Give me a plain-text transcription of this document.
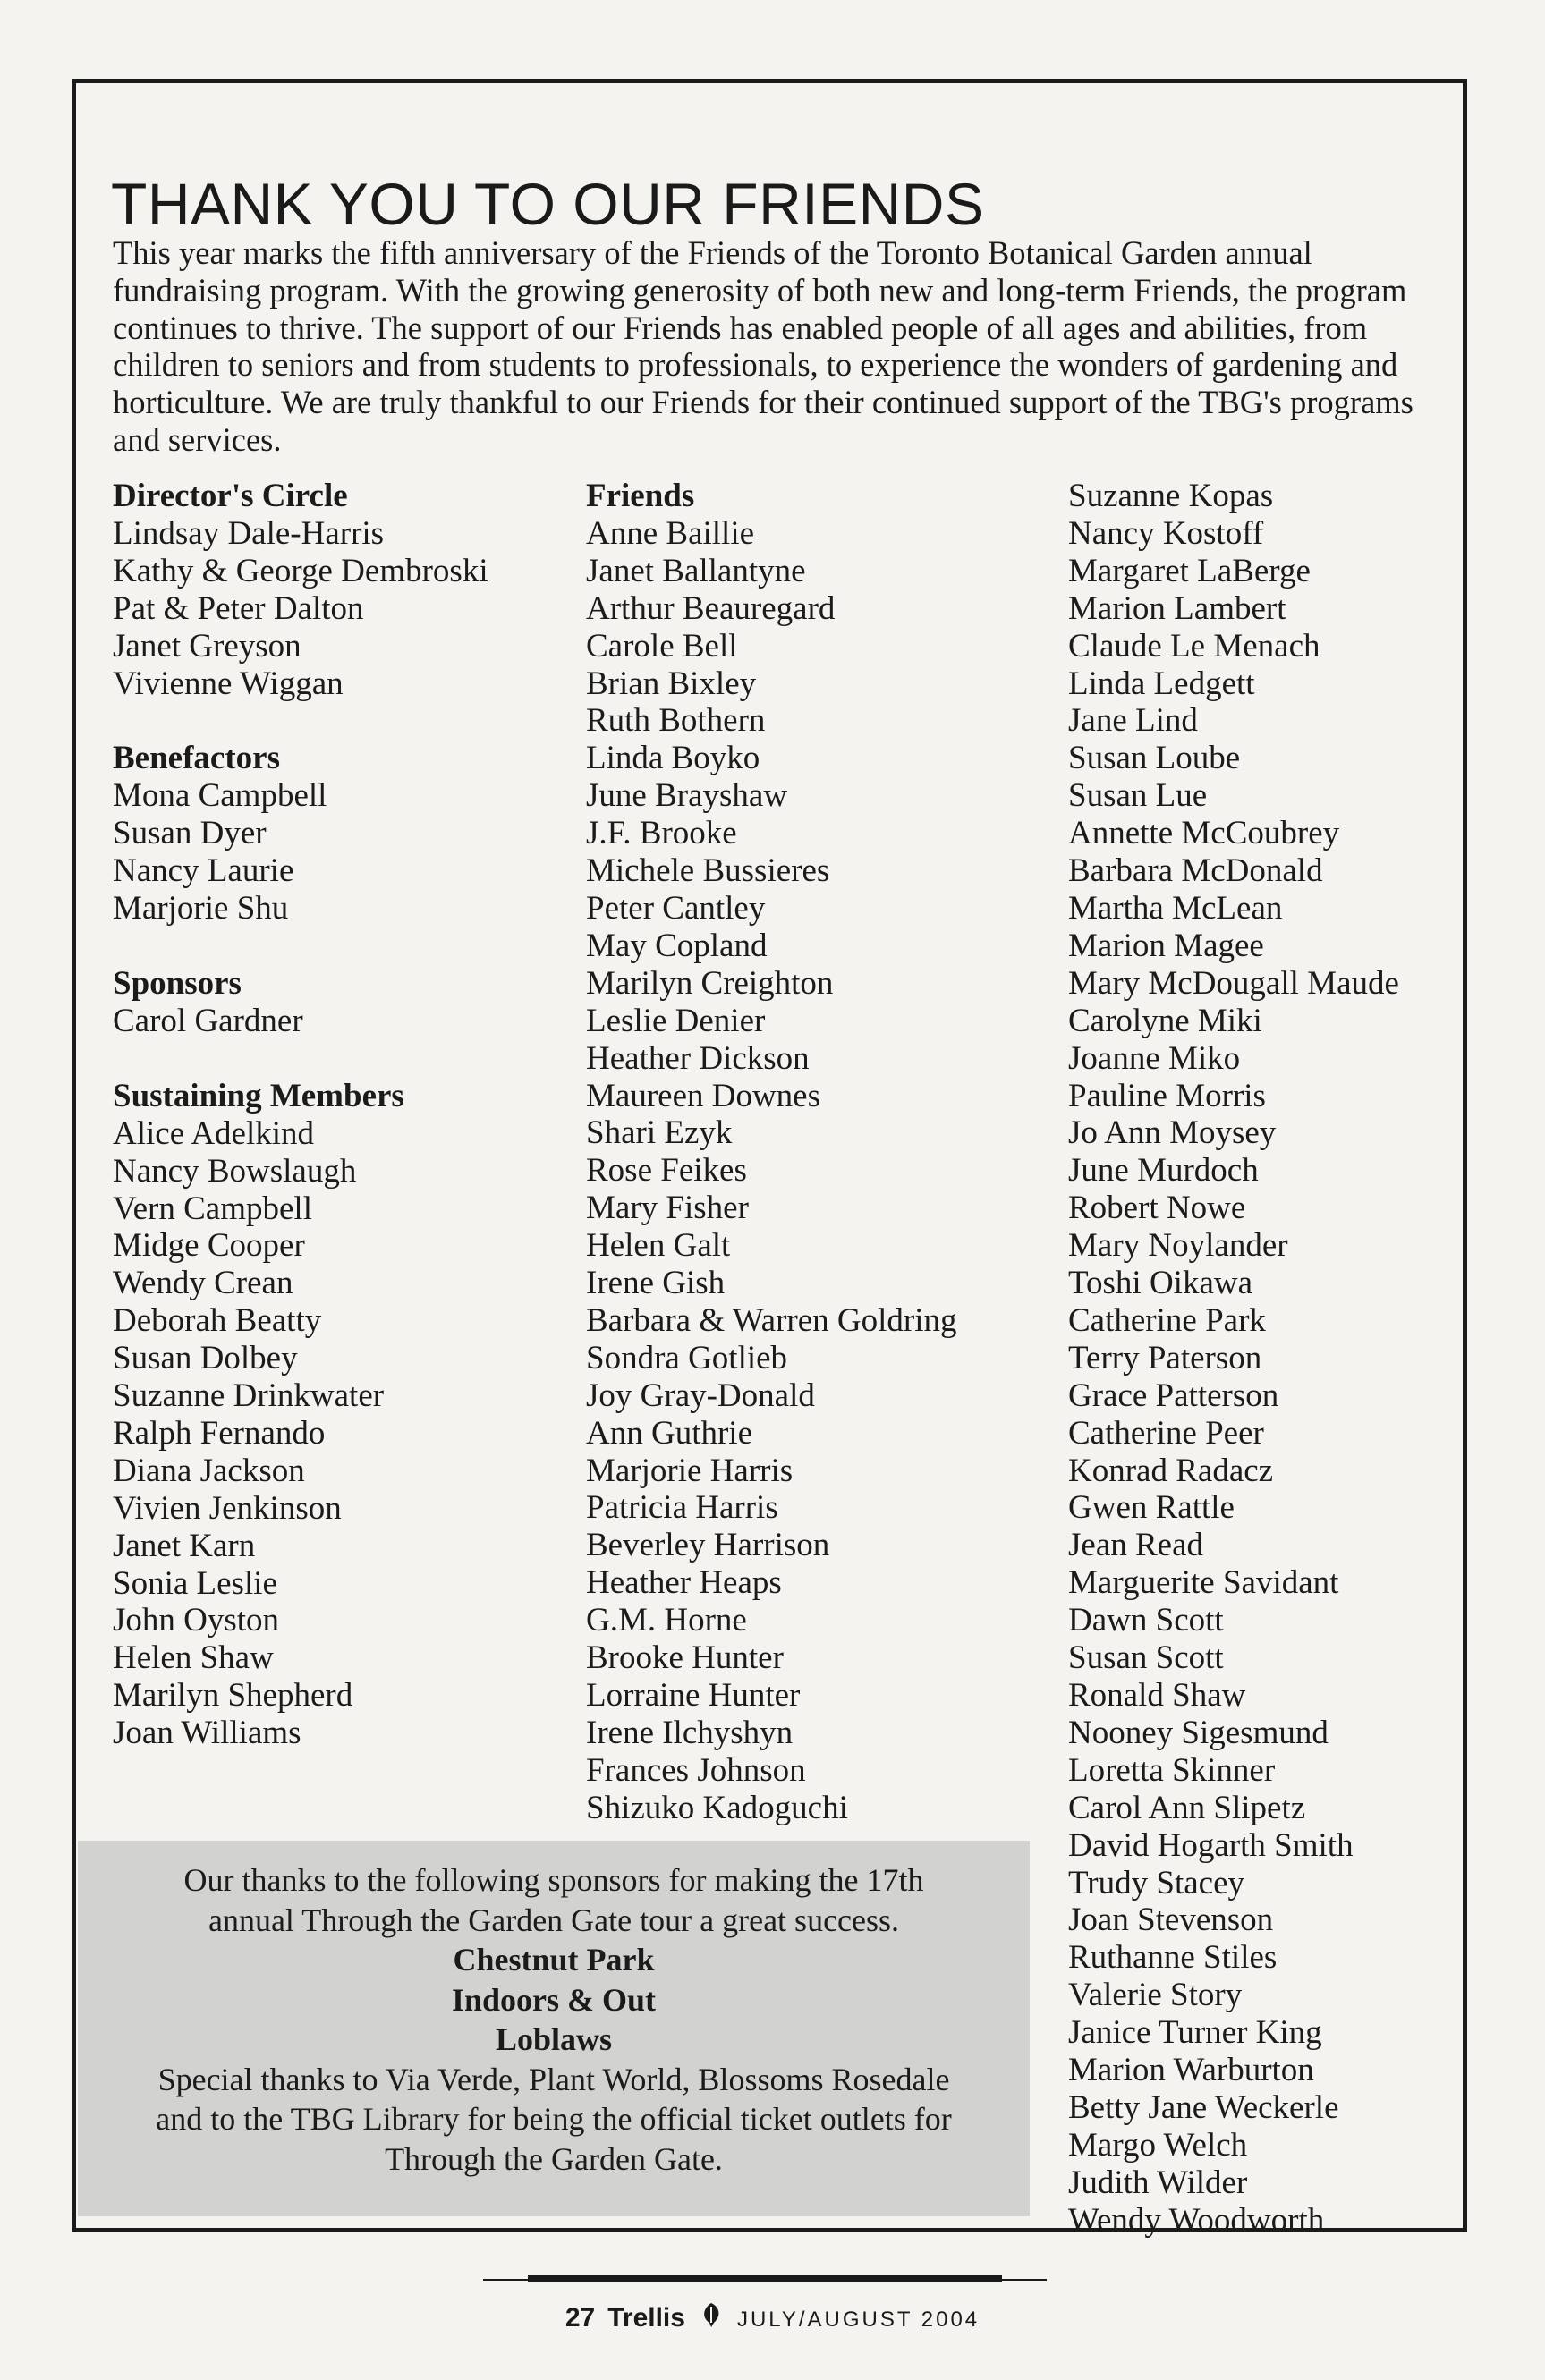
THANK YOU TO OUR FRIENDS

This year marks the fifth anniversary of the Friends of the Toronto Botanical Garden annual fundraising program. With the growing generosity of both new and long-term Friends, the program continues to thrive. The support of our Friends has enabled people of all ages and abilities, from children to seniors and from students to professionals, to experience the wonders of gardening and horticulture. We are truly thankful to our Friends for their continued support of the TBG's programs and services.

Director's Circle
Lindsay Dale-Harris
Kathy & George Dembroski
Pat & Peter Dalton
Janet Greyson
Vivienne Wiggan
Benefactors
Mona Campbell
Susan Dyer
Nancy Laurie
Marjorie Shu
Sponsors
Carol Gardner
Sustaining Members
Alice Adelkind
Nancy Bowslaugh
Vern Campbell
Midge Cooper
Wendy Crean
Deborah Beatty
Susan Dolbey
Suzanne Drinkwater
Ralph Fernando
Diana Jackson
Vivien Jenkinson
Janet Karn
Sonia Leslie
John Oyston
Helen Shaw
Marilyn Shepherd
Joan Williams
Friends
Anne Baillie
Janet Ballantyne
Arthur Beauregard
Carole Bell
Brian Bixley
Ruth Bothern
Linda Boyko
June Brayshaw
J.F. Brooke
Michele Bussieres
Peter Cantley
May Copland
Marilyn Creighton
Leslie Denier
Heather Dickson
Maureen Downes
Shari Ezyk
Rose Feikes
Mary Fisher
Helen Galt
Irene Gish
Barbara & Warren Goldring
Sondra Gotlieb
Joy Gray-Donald
Ann Guthrie
Marjorie Harris
Patricia Harris
Beverley Harrison
Heather Heaps
G.M. Horne
Brooke Hunter
Lorraine Hunter
Irene Ilchyshyn
Frances Johnson
Shizuko Kadoguchi
Suzanne Kopas
Nancy Kostoff
Margaret LaBerge
Marion Lambert
Claude Le Menach
Linda Ledgett
Jane Lind
Susan Loube
Susan Lue
Annette McCoubrey
Barbara McDonald
Martha McLean
Marion Magee
Mary McDougall Maude
Carolyne Miki
Joanne Miko
Pauline Morris
Jo Ann Moysey
June Murdoch
Robert Nowe
Mary Noylander
Toshi Oikawa
Catherine Park
Terry Paterson
Grace Patterson
Catherine Peer
Konrad Radacz
Gwen Rattle
Jean Read
Marguerite Savidant
Dawn Scott
Susan Scott
Ronald Shaw
Nooney Sigesmund
Loretta Skinner
Carol Ann Slipetz
David Hogarth Smith
Trudy Stacey
Joan Stevenson
Ruthanne Stiles
Valerie Story
Janice Turner King
Marion Warburton
Betty Jane Weckerle
Margo Welch
Judith Wilder
Wendy Woodworth
Our thanks to the following sponsors for making the 17th
annual Through the Garden Gate tour a great success.
Chestnut Park
Indoors & Out
Loblaws
Special thanks to Via Verde, Plant World, Blossoms Rosedale
and to the TBG Library for being the official ticket outlets for
Through the Garden Gate.
27 Trellis JULY/AUGUST 2004
